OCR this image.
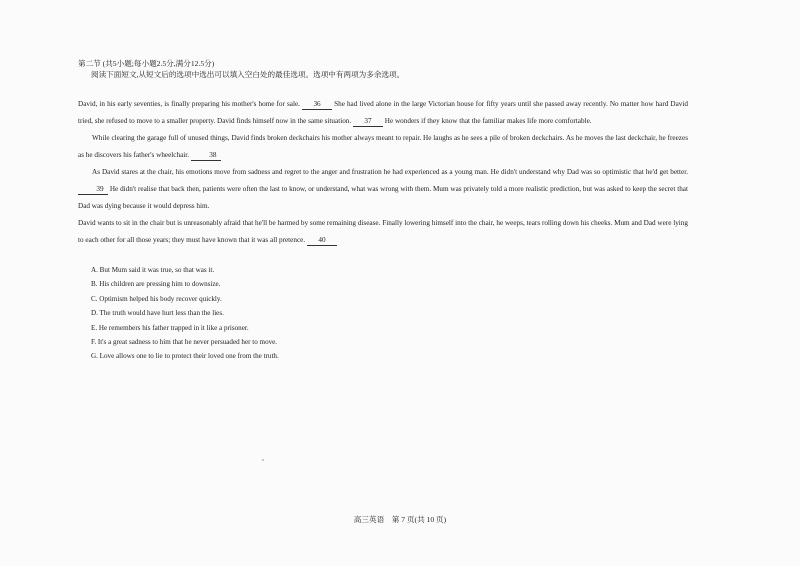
第二节 (共5小题;每小题2.5分,满分12.5分)

阅读下面短文,从短文后的选项中选出可以填入空白处的最佳选项。选项中有两项为多余选项。

David, in his early seventies, is finally preparing his mother's home for sale. 36 She had lived alone in the large Victorian house for fifty years until she passed away recently. No matter how hard David tried, she refused to move to a smaller property. David finds himself now in the same situation. 37 He wonders if they know that the familiar makes life more comfortable.

While clearing the garage full of unused things, David finds broken deckchairs his mother always meant to repair. He laughs as he sees a pile of broken deckchairs. As he moves the last deckchair, he freezes as he discovers his father's wheelchair.	38

As David stares at the chair, his emotions move from sadness and regret to the anger and frustration he had experienced as a young man. He didn't understand why Dad was so optimistic that he'd get better. 39 He didn't realise that back then, patients were often the last to know, or understand, what was wrong with them. Mum was privately told a more realistic prediction, but was asked to keep the secret that Dad was dying because it would depress him.

David wants to sit in the chair but is unreasonably afraid that he'll be harmed by some remaining disease. Finally lowering himself into the chair, he weeps, tears rolling down his cheeks. Mum and Dad were lying to each other for all those years; they must have known that it was all pretence. 40

A. But Mum said it was true, so that was it.
B. His children are pressing him to downsize.
C. Optimism helped his body recover quickly.
D. The truth would have hurt less than the lies.
E. He remembers his father trapped in it like a prisoner.
F. It's a great sadness to him that he never persuaded her to move.
G. Love allows one to lie to protect their loved one from the truth.
高三英语　第 7 页(共 10 页)
